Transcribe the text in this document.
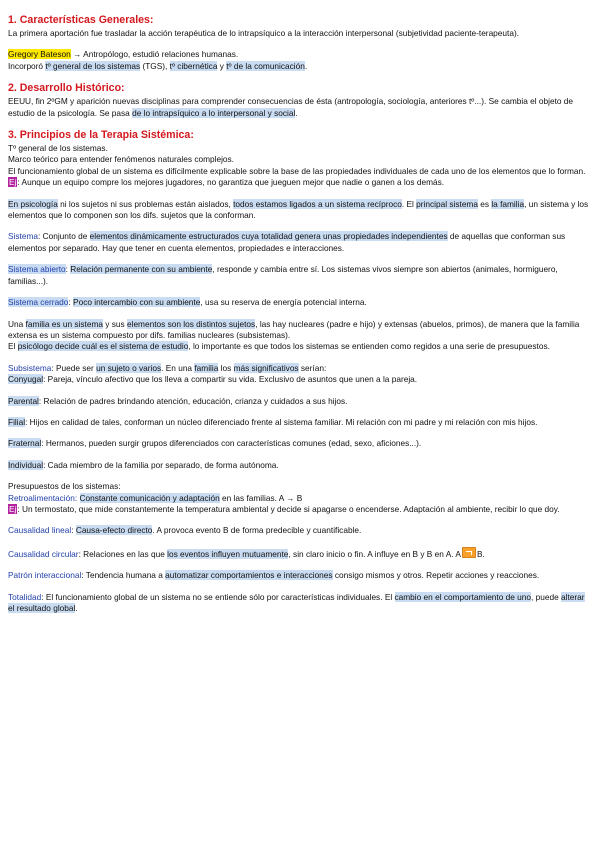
1. Características Generales:

La primera aportación fue trasladar la acción terapéutica de lo intrapsíquico a la interacción interpersonal (subjetividad paciente-terapeuta).

Gregory Bateson → Antropólogo, estudió relaciones humanas.

Incorporó tº general de los sistemas (TGS), tº cibernética y tº de la comunicación.

2. Desarrollo Histórico:

EEUU, fin 2ºGM y aparición nuevas disciplinas para comprender consecuencias de ésta (antropología, sociología, anteriores tº...). Se cambia el objeto de estudio de la psicología. Se pasa de lo intrapsíquico a lo interpersonal y social.

3. Principios de la Terapia Sistémica:

Tº general de los sistemas.

Marco teórico para entender fenómenos naturales complejos.

El funcionamiento global de un sistema es difícilmente explicable sobre la base de las propiedades individuales de cada uno de los elementos que lo forman.

Ej: Aunque un equipo compre los mejores jugadores, no garantiza que jueguen mejor que nadie o ganen a los demás.

En psicología ni los sujetos ni sus problemas están aislados, todos estamos ligados a un sistema recíproco. El principal sistema es la familia, un sistema y los elementos que lo componen son los difs. sujetos que la conforman.

Sistema: Conjunto de elementos dinámicamente estructurados cuya totalidad genera unas propiedades independientes de aquellas que conforman sus elementos por separado. Hay que tener en cuenta elementos, propiedades e interacciones.

Sistema abierto: Relación permanente con su ambiente, responde y cambia entre sí. Los sistemas vivos siempre son abiertos (animales, hormiguero, familias...).

Sistema cerrado: Poco intercambio con su ambiente, usa su reserva de energía potencial interna.

Una familia es un sistema y sus elementos son los distintos sujetos, las hay nucleares (padre e hijo) y extensas (abuelos, primos), de manera que la familia extensa es un sistema compuesto por difs. familias nucleares (subsistemas).

El psicólogo decide cuál es el sistema de estudio, lo importante es que todos los sistemas se entienden como regidos a una serie de presupuestos.

Subsistema: Puede ser un sujeto o varios. En una familia los más significativos serían:

Conyugal: Pareja, vínculo afectivo que los lleva a compartir su vida. Exclusivo de asuntos que unen a la pareja.

Parental: Relación de padres brindando atención, educación, crianza y cuidados a sus hijos.

Filial: Hijos en calidad de tales, conforman un núcleo diferenciado frente al sistema familiar. Mi relación con mi padre y mi relación con mis hijos.

Fraternal: Hermanos, pueden surgir grupos diferenciados con características comunes (edad, sexo, aficiones...).

Individual: Cada miembro de la familia por separado, de forma autónoma.

Presupuestos de los sistemas:

Retroalimentación: Constante comunicación y adaptación en las familias. A → B

Ej: Un termostato, que mide constantemente la temperatura ambiental y decide si apagarse o encenderse. Adaptación al ambiente, recibir lo que doy.

Causalidad lineal: Causa-efecto directo. A provoca evento B de forma predecible y cuantificable.

Causalidad circular: Relaciones en las que los eventos influyen mutuamente, sin claro inicio o fin. A influye en B y B en A. A B.

Patrón interaccional: Tendencia humana a automatizar comportamientos e interacciones consigo mismos y otros. Repetir acciones y reacciones.

Totalidad: El funcionamiento global de un sistema no se entiende sólo por características individuales. El cambio en el comportamiento de uno, puede alterar el resultado global.
